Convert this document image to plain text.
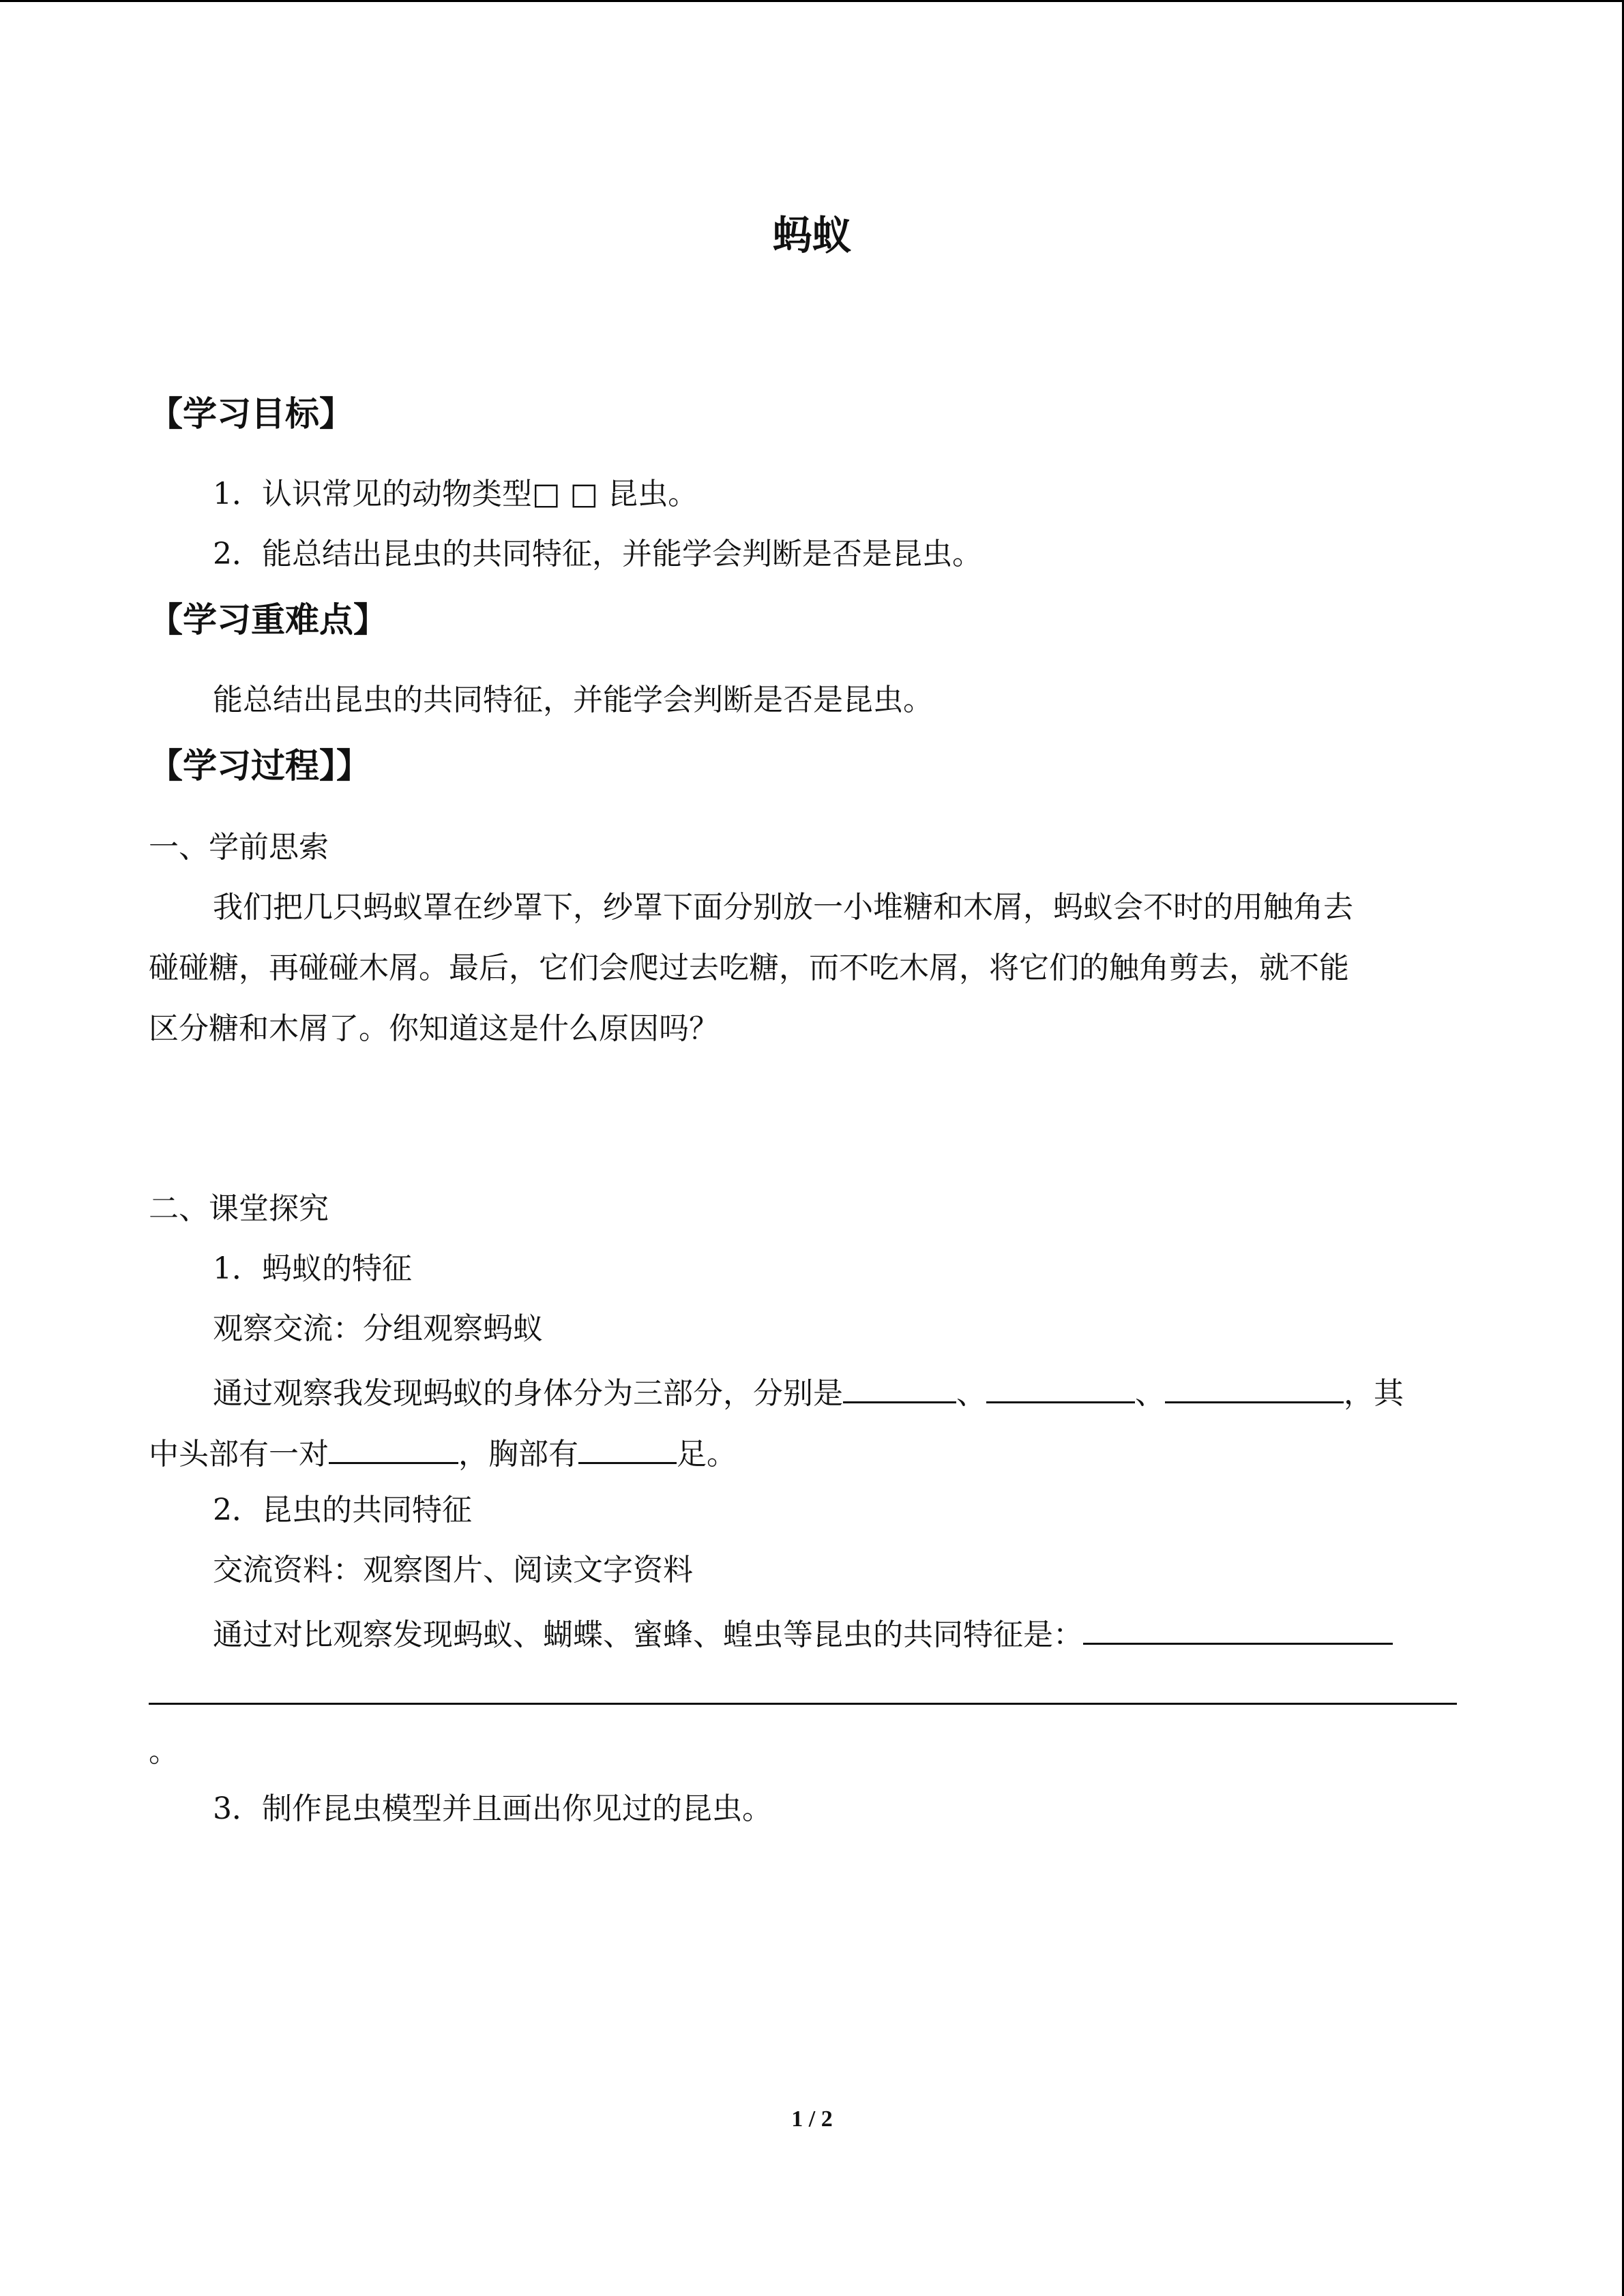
蚂蚁
【学习目标】
1．认识常见的动物类型□ □ 昆虫。
2．能总结出昆虫的共同特征，并能学会判断是否是昆虫。
【学习重难点】
能总结出昆虫的共同特征，并能学会判断是否是昆虫。
【学习过程】】
一、学前思索
我们把几只蚂蚁罩在纱罩下，纱罩下面分别放一小堆糖和木屑，蚂蚁会不时的用触角去
碰碰糖，再碰碰木屑。最后，它们会爬过去吃糖，而不吃木屑，将它们的触角剪去，就不能
区分糖和木屑了。你知道这是什么原因吗？
二、课堂探究
1．蚂蚁的特征
观察交流：分组观察蚂蚁
通过观察我发现蚂蚁的身体分为三部分，分别是	、	、	，其
中头部有一对	，胸部有	足。
2．昆虫的共同特征
交流资料：观察图片、阅读文字资料
通过对比观察发现蚂蚁、蝴蝶、蜜蜂、蝗虫等昆虫的共同特征是：
。
3．制作昆虫模型并且画出你见过的昆虫。
1 / 2
